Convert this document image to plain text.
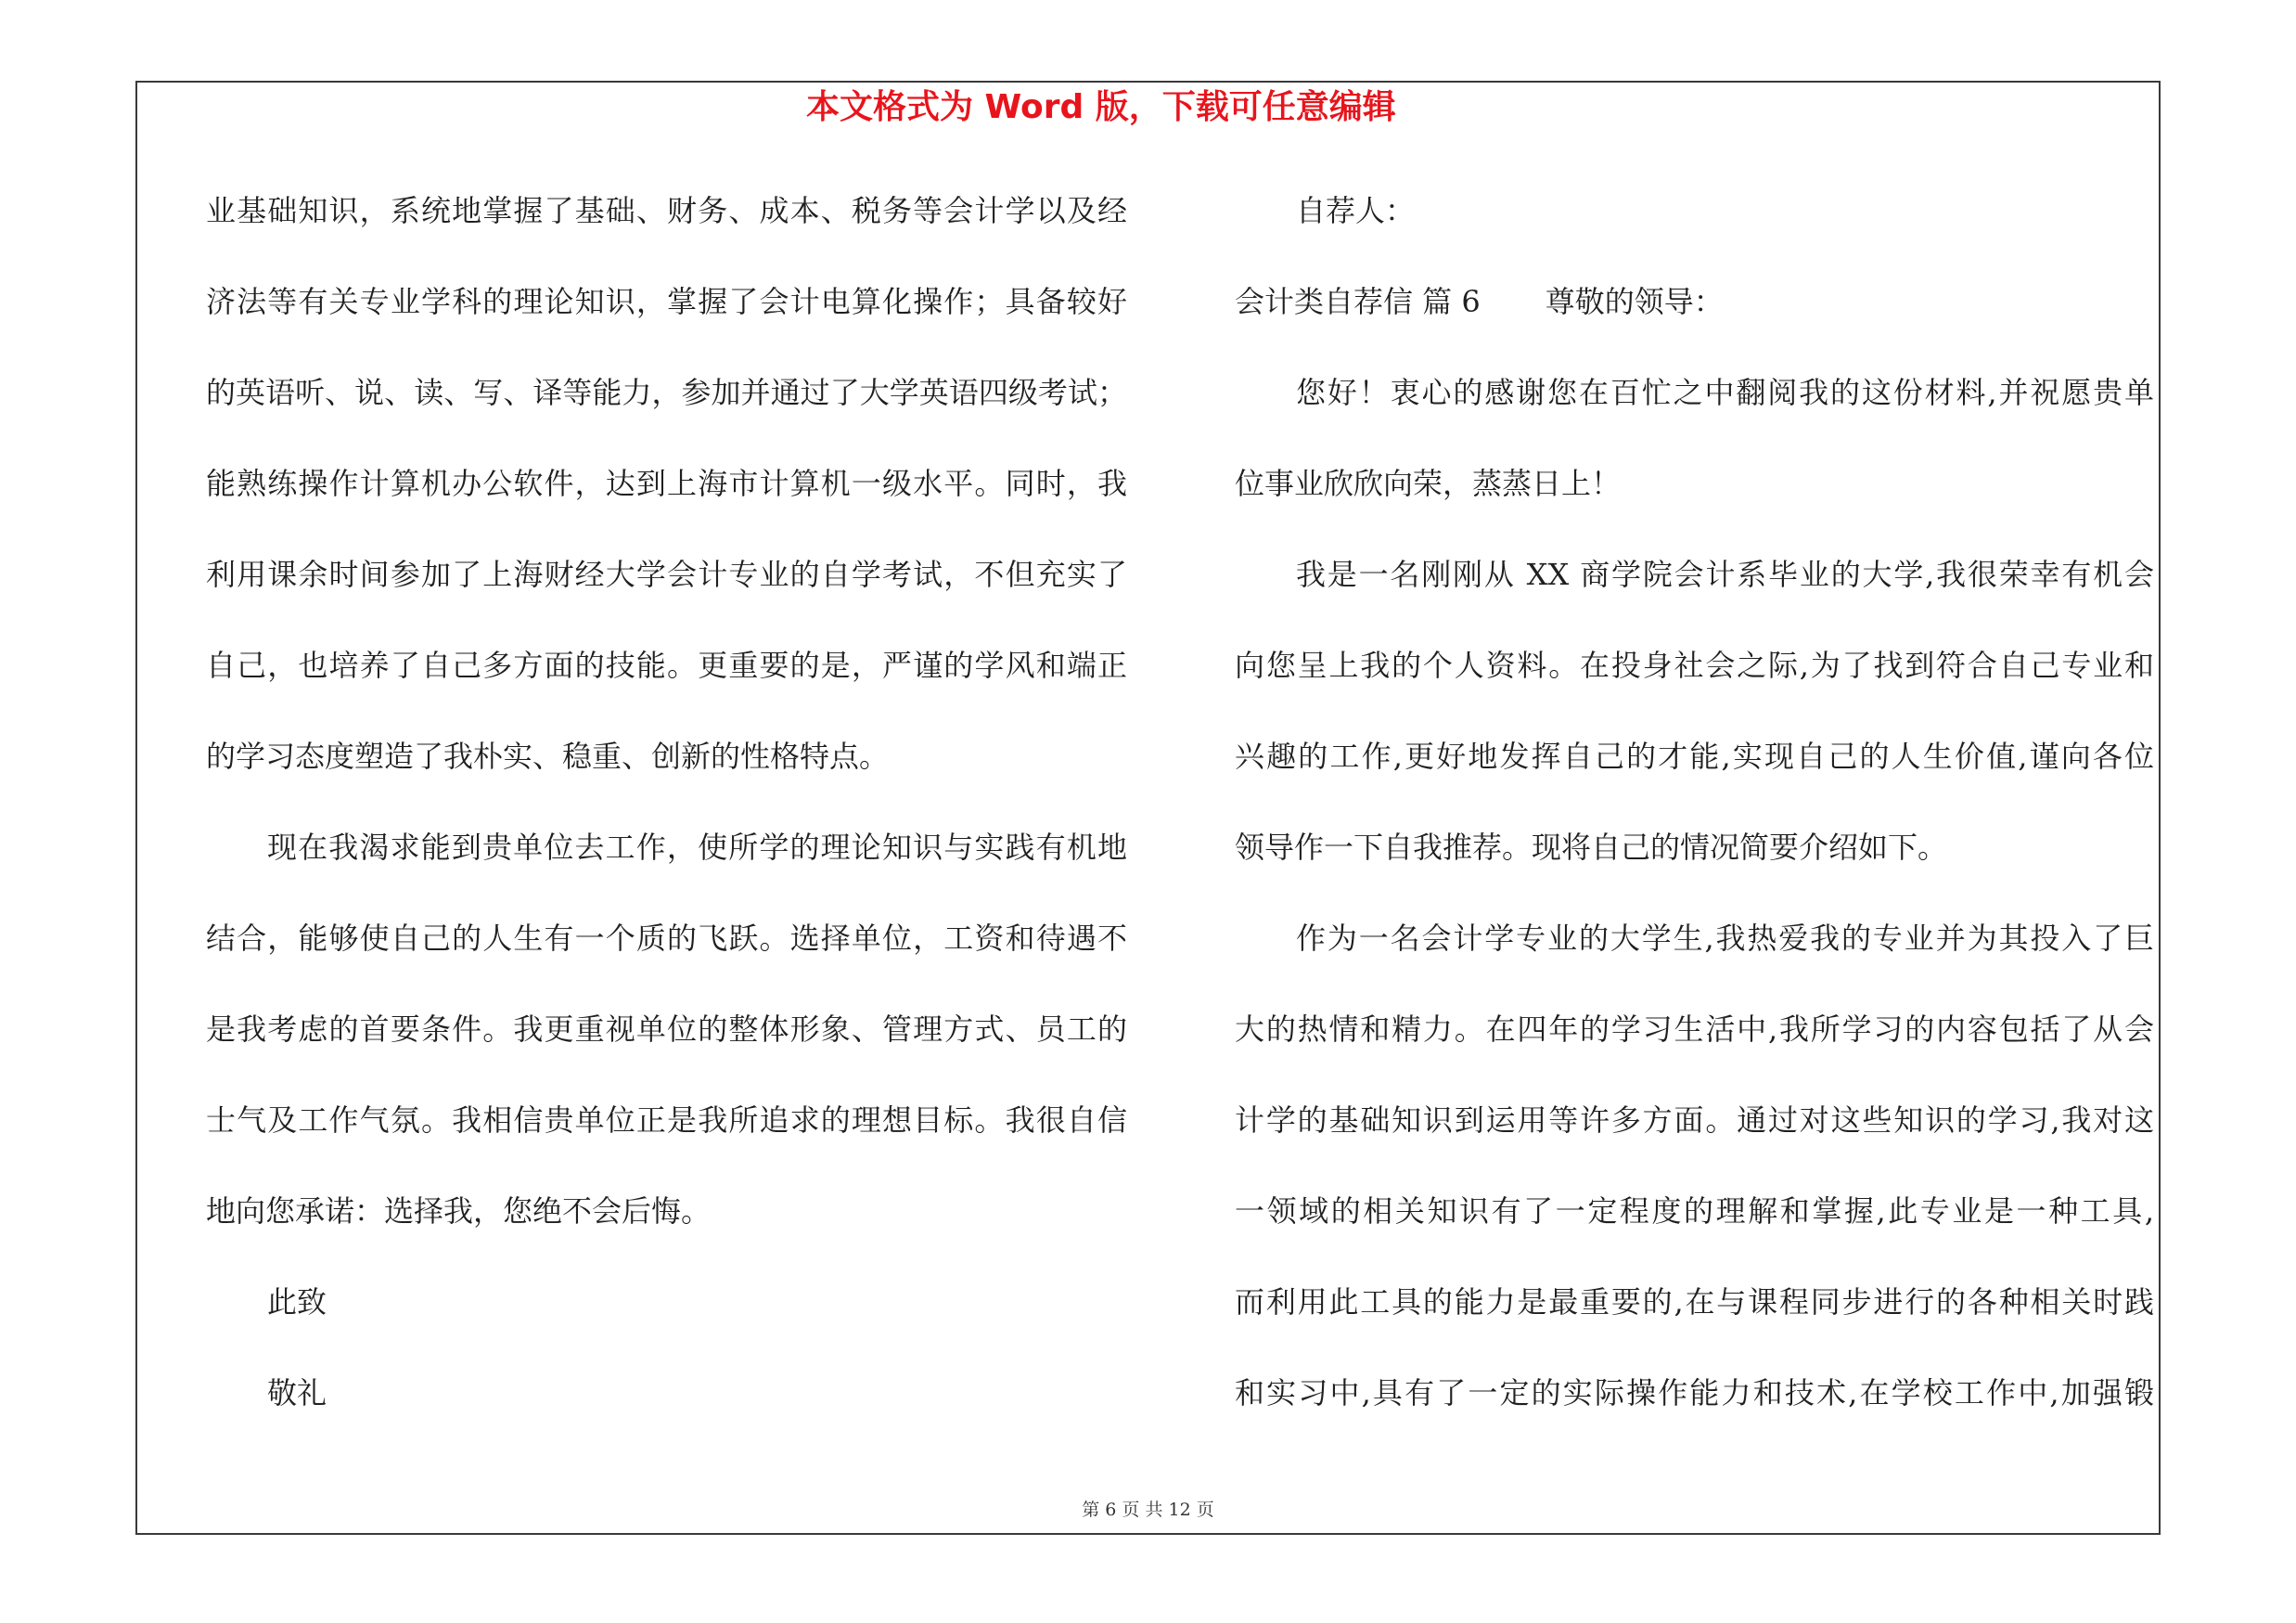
本文格式为 Word 版，下载可任意编辑
业基础知识，系统地掌握了基础、财务、成本、税务等会计学以及经
济法等有关专业学科的理论知识，掌握了会计电算化操作；具备较好
的英语听、说、读、写、译等能力，参加并通过了大学英语四级考试；
能熟练操作计算机办公软件，达到上海市计算机一级水平。同时，我
利用课余时间参加了上海财经大学会计专业的自学考试，不但充实了
自己，也培养了自己多方面的技能。更重要的是，严谨的学风和端正
的学习态度塑造了我朴实、稳重、创新的性格特点。
现在我渴求能到贵单位去工作，使所学的理论知识与实践有机地
结合，能够使自己的人生有一个质的飞跃。选择单位，工资和待遇不
是我考虑的首要条件。我更重视单位的整体形象、管理方式、员工的
士气及工作气氛。我相信贵单位正是我所追求的理想目标。我很自信
地向您承诺：选择我，您绝不会后悔。
此致
敬礼
自荐人：
会计类自荐信 篇 6 尊敬的领导：
您好！衷心的感谢您在百忙之中翻阅我的这份材料,并祝愿贵单
位事业欣欣向荣，蒸蒸日上！
我是一名刚刚从 XX 商学院会计系毕业的大学,我很荣幸有机会
向您呈上我的个人资料。在投身社会之际,为了找到符合自己专业和
兴趣的工作,更好地发挥自己的才能,实现自己的人生价值,谨向各位
领导作一下自我推荐。现将自己的情况简要介绍如下。
作为一名会计学专业的大学生,我热爱我的专业并为其投入了巨
大的热情和精力。在四年的学习生活中,我所学习的内容包括了从会
计学的基础知识到运用等许多方面。通过对这些知识的学习,我对这
一领域的相关知识有了一定程度的理解和掌握,此专业是一种工具,
而利用此工具的能力是最重要的,在与课程同步进行的各种相关时践
和实习中,具有了一定的实际操作能力和技术,在学校工作中,加强锻
第 6 页 共 12 页
